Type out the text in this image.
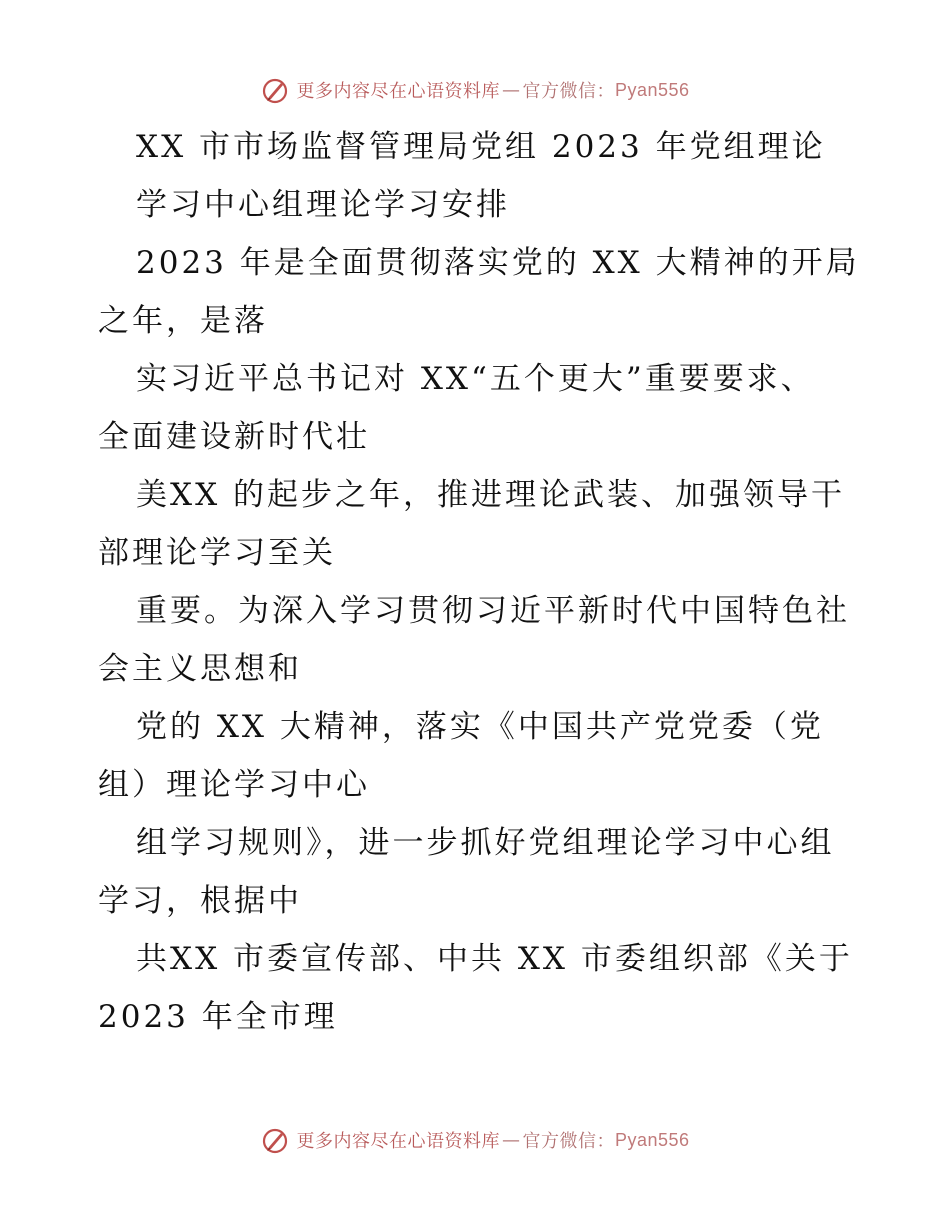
更多内容尽在心语资料库 — 官方微信： Pyan556
XX 市市场监督管理局党组 2023 年党组理论
学习中心组理论学习安排
2023 年是全面贯彻落实党的 XX 大精神的开局
之年，是落
实习近平总书记对 XX“五个更大”重要要求、
全面建设新时代壮
美XX 的起步之年，推进理论武装、加强领导干
部理论学习至关
重要。为深入学习贯彻习近平新时代中国特色社
会主义思想和
党的 XX 大精神，落实《中国共产党党委（党
组）理论学习中心
组学习规则》，进一步抓好党组理论学习中心组
学习，根据中
共XX 市委宣传部、中共 XX 市委组织部《关于
2023 年全市理
更多内容尽在心语资料库 — 官方微信： Pyan556
